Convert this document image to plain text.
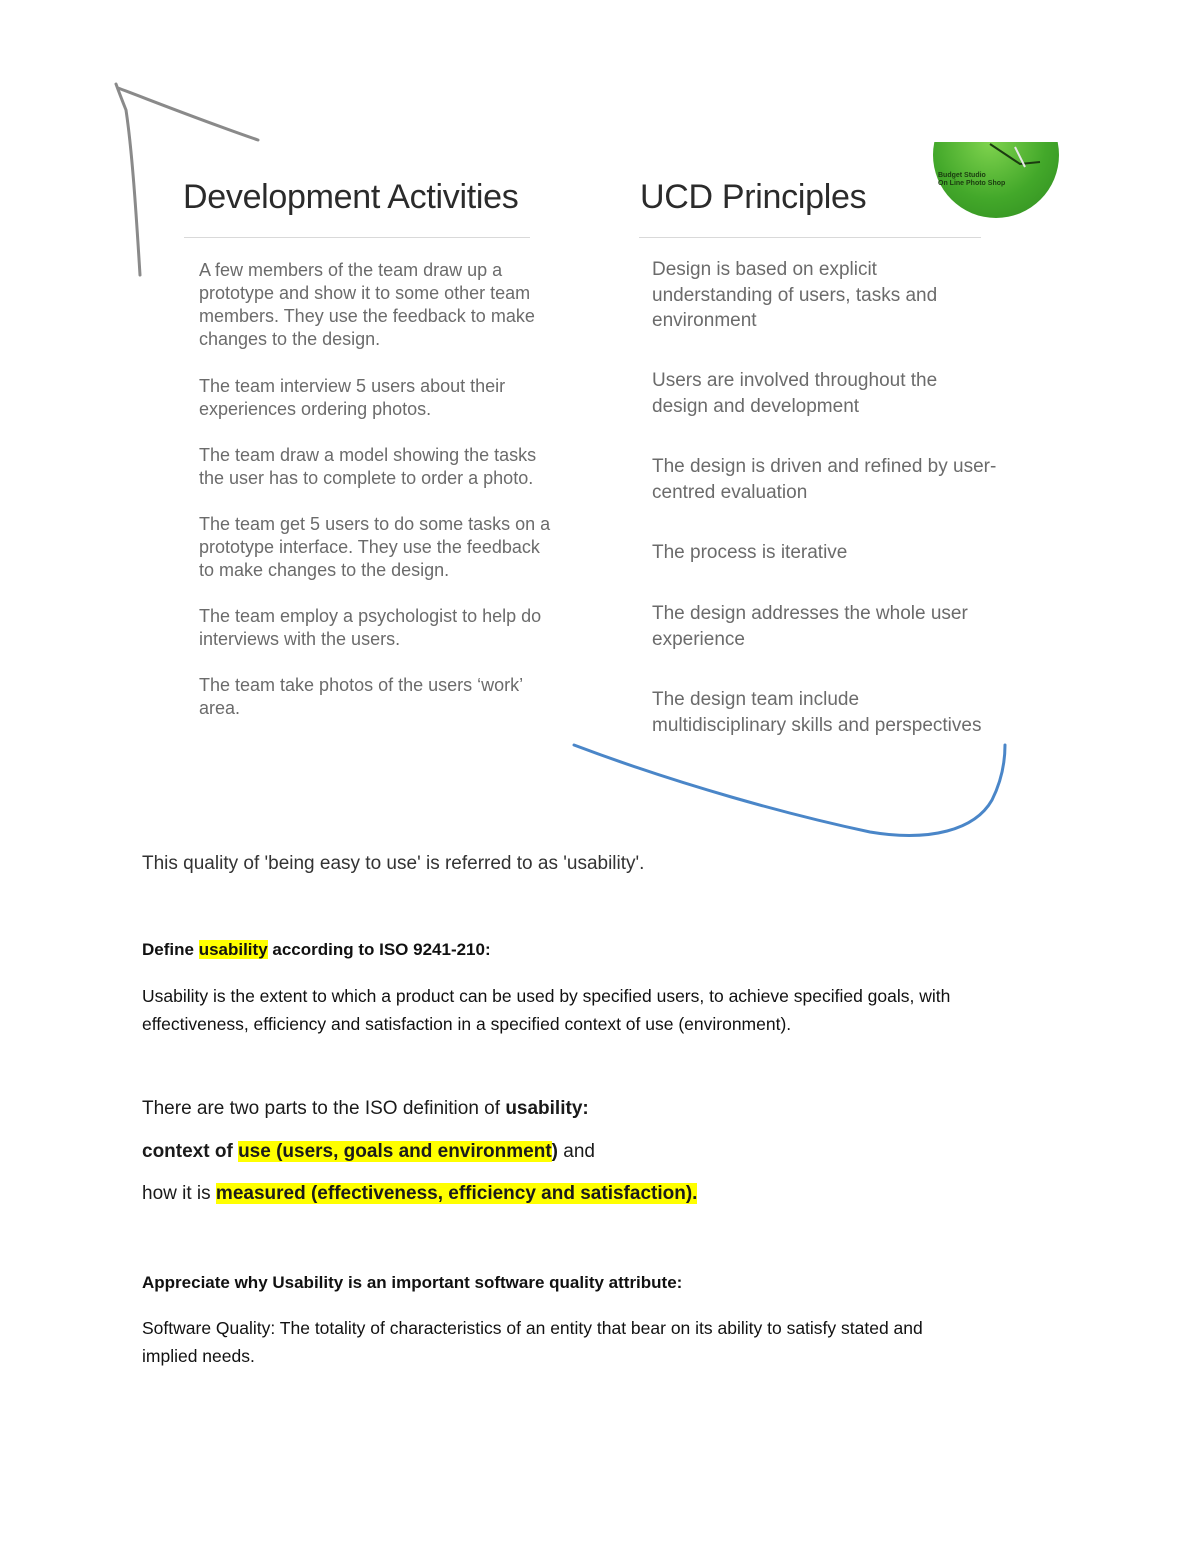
Budget Studio
On Line Photo Shop
Development Activities	UCD Principles
A few members of the team draw up a
prototype and show it to some other team
members. They use the feedback to make
changes to the design.
The team interview 5 users about their
experiences ordering photos.
The team draw a model showing the tasks
the user has to complete to order a photo.
The team get 5 users to do some tasks on a
prototype interface. They use the feedback
to make changes to the design.
The team employ a psychologist to help do
interviews with the users.
The team take photos of the users ‘work’
area.
Design is based on explicit
understanding of users, tasks and
environment
Users are involved throughout the
design and development
The design is driven and refined by user-
centred evaluation
The process is iterative
The design addresses the whole user
experience
The design team include
multidisciplinary skills and perspectives
This quality of 'being easy to use' is referred to as 'usability'.
Define usability according to ISO 9241-210:
Usability is the extent to which a product can be used by specified users, to achieve specified goals, with
effectiveness, efficiency and satisfaction in a specified context of use (environment).
There are two parts to the ISO definition of usability:
context of use (users, goals and environment) and
how it is measured (effectiveness, efficiency and satisfaction).
Appreciate why Usability is an important software quality attribute:
Software Quality: The totality of characteristics of an entity that bear on its ability to satisfy stated and
implied needs.
